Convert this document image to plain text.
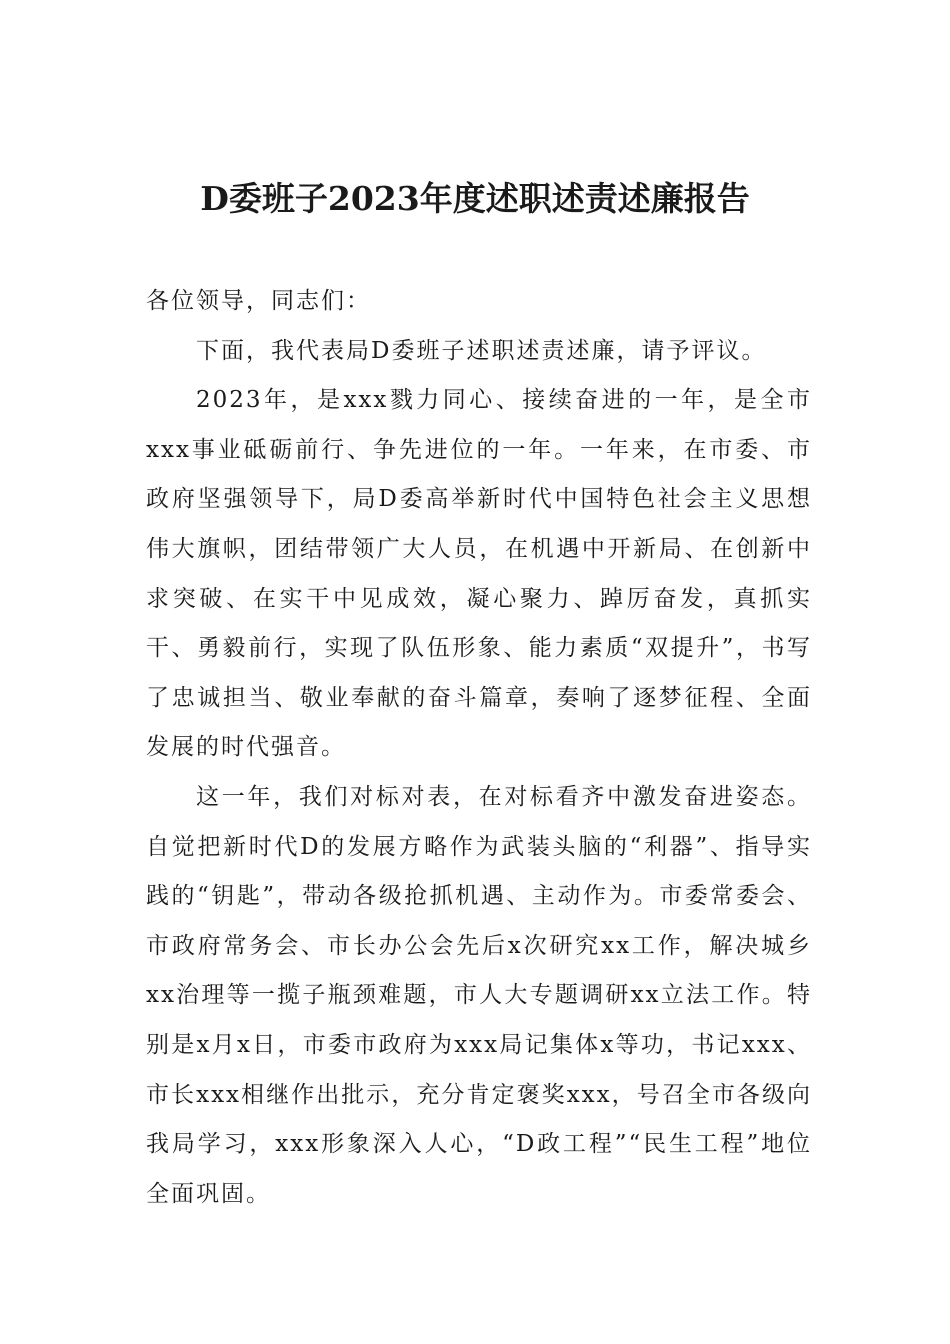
D委班子2023年度述职述责述廉报告

各位领导，同志们：

下面，我代表局D委班子述职述责述廉，请予评议。

2023年，是xxx戮力同心、接续奋进的一年，是全市xxx事业砥砺前行、争先进位的一年。一年来，在市委、市政府坚强领导下，局D委高举新时代中国特色社会主义思想伟大旗帜，团结带领广大人员，在机遇中开新局、在创新中求突破、在实干中见成效，凝心聚力、踔厉奋发，真抓实干、勇毅前行，实现了队伍形象、能力素质“双提升”，书写了忠诚担当、敬业奉献的奋斗篇章，奏响了逐梦征程、全面发展的时代强音。

这一年，我们对标对表，在对标看齐中激发奋进姿态。自觉把新时代D的发展方略作为武装头脑的“利器”、指导实践的“钥匙”，带动各级抢抓机遇、主动作为。市委常委会、市政府常务会、市长办公会先后x次研究xx工作，解决城乡xx治理等一揽子瓶颈难题，市人大专题调研xx立法工作。特别是x月x日，市委市政府为xxx局记集体x等功，书记xxx、市长xxx相继作出批示，充分肯定褒奖xxx，号召全市各级向我局学习，xxx形象深入人心，“D政工程”“民生工程”地位全面巩固。
